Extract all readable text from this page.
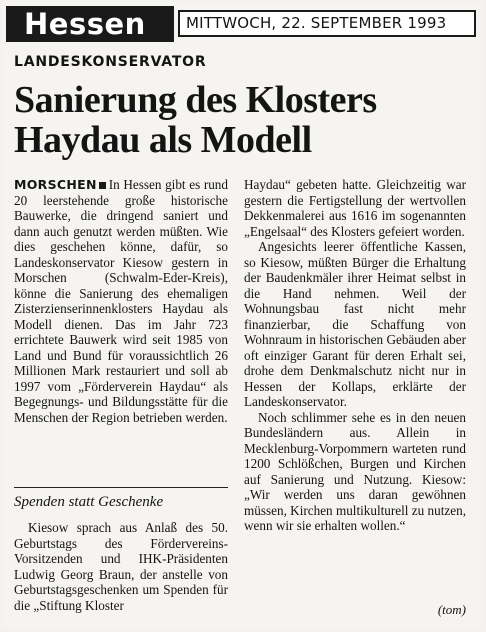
Hessen	MITTWOCH, 22. SEPTEMBER 1993
LANDESKONSERVATOR
Sanierung des Klosters Haydau als Modell

MORSCHEN In Hessen gibt es rund 20 leerstehende große historische Bauwerke, die dringend saniert und dann auch genutzt werden müßten. Wie dies geschehen könne, dafür, so Landeskonservator Kiesow gestern in Morschen (Schwalm-Eder-Kreis), könne die Sanierung des ehemaligen Zisterzienserinnenklosters Haydau als Modell dienen. Das im Jahr 723 errichtete Bauwerk wird seit 1985 von Land und Bund für voraussichtlich 26 Millionen Mark restauriert und soll ab 1997 vom „Förderverein Haydau“ als Begegnungs- und Bildungsstätte für die Menschen der Region betrieben werden.

Spenden statt Geschenke

Kiesow sprach aus Anlaß des 50. Geburtstags des Fördervereins-Vorsitzenden und IHK-Präsidenten Ludwig Georg Braun, der anstelle von Geburtstagsgeschenken um Spenden für die „Stiftung Kloster

Haydau“ gebeten hatte. Gleichzeitig war gestern die Fertigstellung der wertvollen Dekkenmalerei aus 1616 im sogenannten „Engelsaal“ des Klosters gefeiert worden.

Angesichts leerer öffentliche Kassen, so Kiesow, müßten Bürger die Erhaltung der Baudenkmäler ihrer Heimat selbst in die Hand nehmen. Weil der Wohnungsbau fast nicht mehr finanzierbar, die Schaffung von Wohnraum in historischen Gebäuden aber oft einziger Garant für deren Erhalt sei, drohe dem Denkmalschutz nicht nur in Hessen der Kollaps, erklärte der Landeskonservator.

Noch schlimmer sehe es in den neuen Bundesländern aus. Allein in Mecklenburg-Vorpommern warteten rund 1200 Schlößchen, Burgen und Kirchen auf Sanierung und Nutzung. Kiesow: „Wir werden uns daran gewöhnen müssen, Kirchen multikulturell zu nutzen, wenn wir sie erhalten wollen.“

(tom)
